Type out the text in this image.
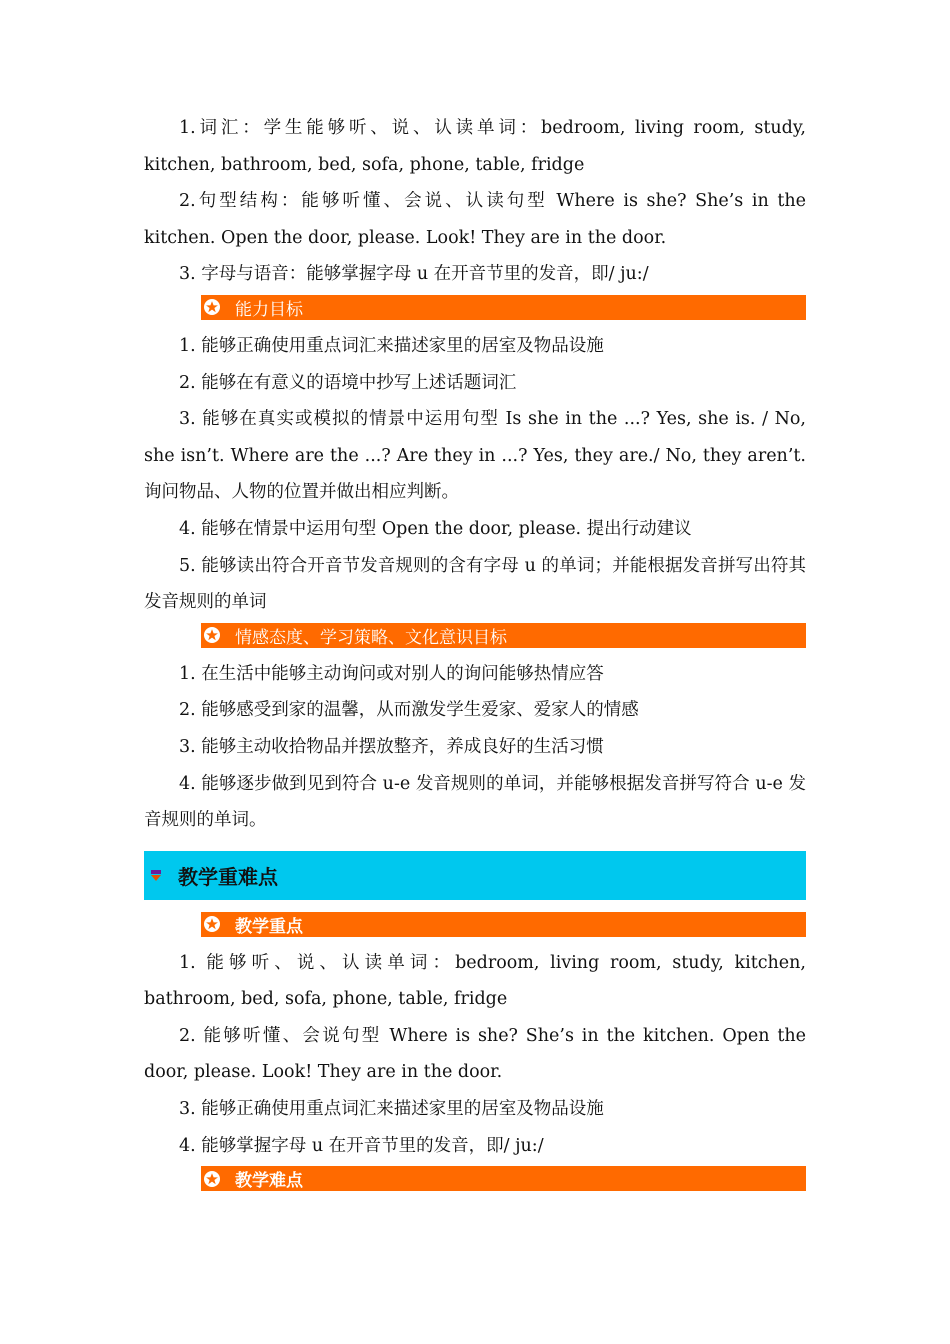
1.词汇：学生能够听、说、认读单词：bedroom, living room, study, kitchen, bathroom, bed, sofa, phone, table, fridge
2.句型结构：能够听懂、会说、认读句型 Where is she? She’s in the kitchen. Open the door, please. Look! They are in the door.
3. 字母与语音：能够掌握字母 u 在开音节里的发音，即/ ju:/
能力目标
1. 能够正确使用重点词汇来描述家里的居室及物品设施
2. 能够在有意义的语境中抄写上述话题词汇
3. 能够在真实或模拟的情景中运用句型 Is she in the ...? Yes, she is. / No, she isn’t. Where are the ...? Are they in ...? Yes, they are./ No, they aren’t. 询问物品、人物的位置并做出相应判断。
4. 能够在情景中运用句型 Open the door, please. 提出行动建议
5. 能够读出符合开音节发音规则的含有字母 u 的单词；并能根据发音拼写出符其发音规则的单词
情感态度、学习策略、文化意识目标
1. 在生活中能够主动询问或对别人的询问能够热情应答
2. 能够感受到家的温馨，从而激发学生爱家、爱家人的情感
3. 能够主动收拾物品并摆放整齐，养成良好的生活习惯
4. 能够逐步做到见到符合 u-e 发音规则的单词，并能够根据发音拼写符合 u-e 发音规则的单词。
教学重难点
教学重点
1. 能够听、说、认读单词：bedroom, living room, study, kitchen, bathroom, bed, sofa, phone, table, fridge
2. 能够听懂、会说句型 Where is she? She’s in the kitchen. Open the door, please. Look! They are in the door.
3. 能够正确使用重点词汇来描述家里的居室及物品设施
4. 能够掌握字母 u 在开音节里的发音，即/ ju:/
教学难点
